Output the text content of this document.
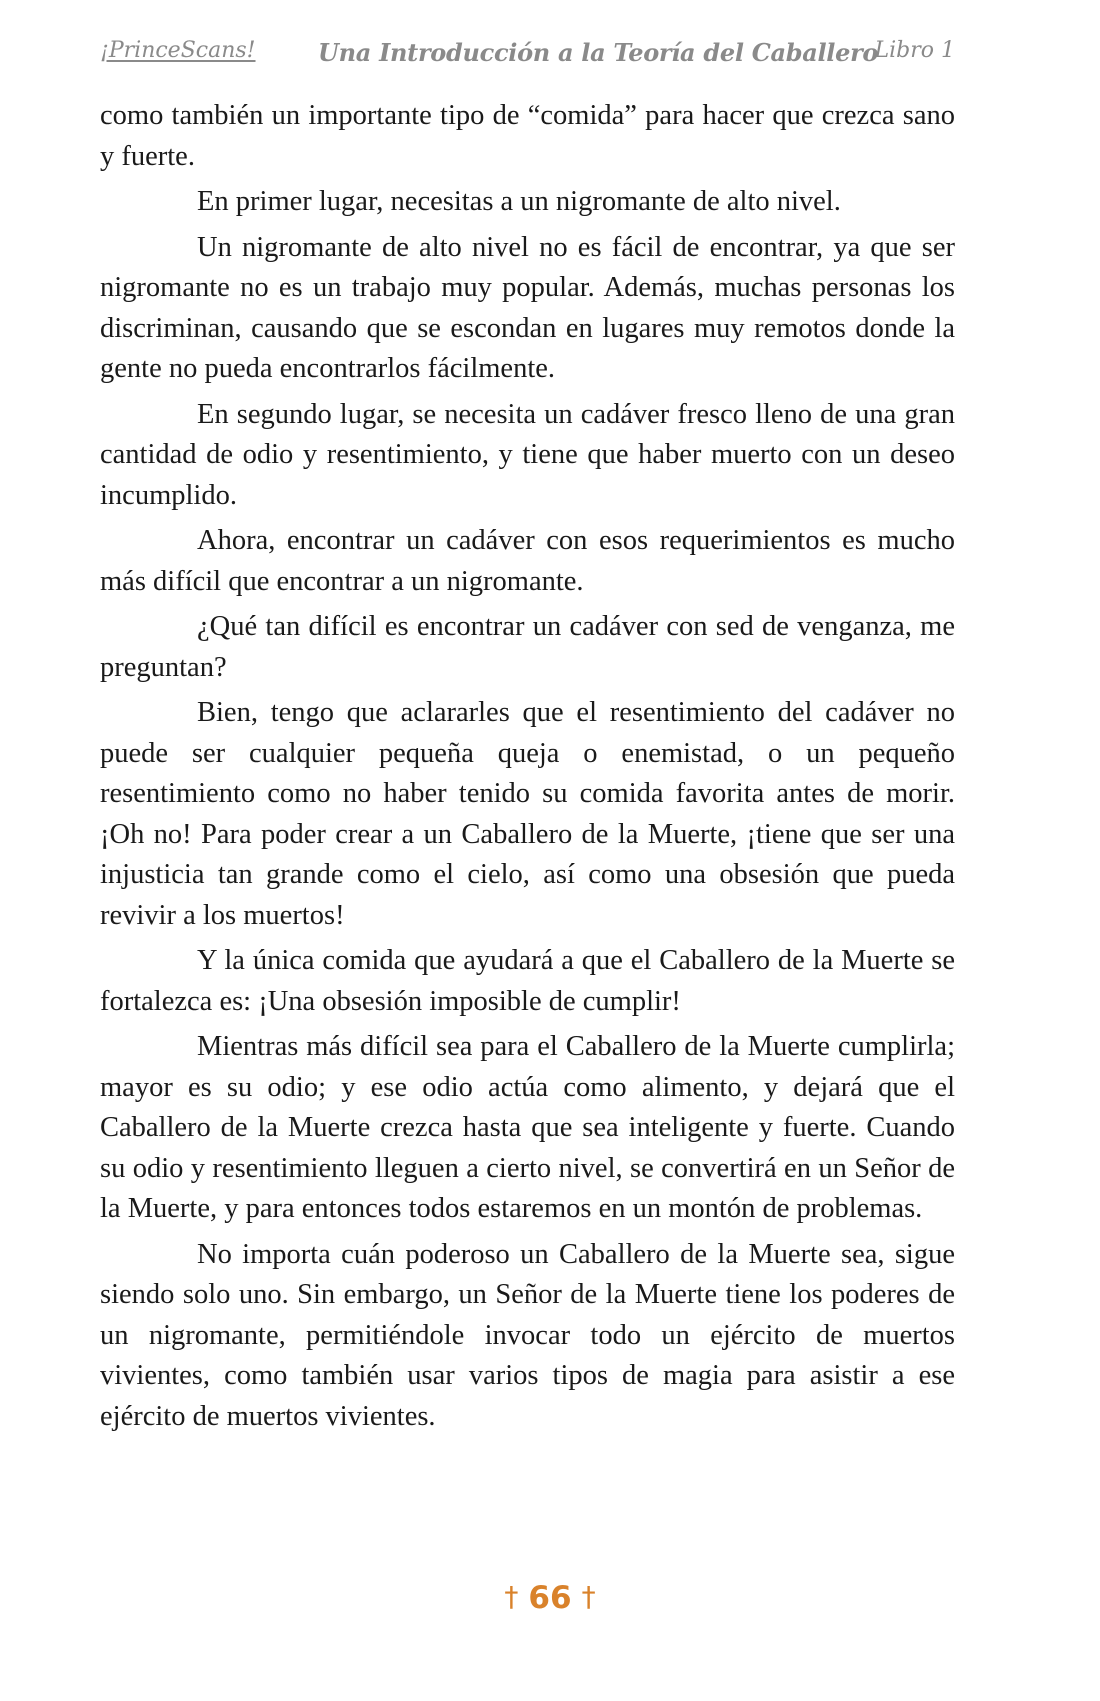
¡PrinceScans!	Una Introducción a la Teoría del Caballero
Libro 1

como también un importante tipo de “comida” para hacer que crezca sano y fuerte.

En primer lugar, necesitas a un nigromante de alto nivel.

Un nigromante de alto nivel no es fácil de encontrar, ya que ser nigromante no es un trabajo muy popular. Además, muchas personas los discriminan, causando que se escondan en lugares muy remotos donde la gente no pueda encontrarlos fácilmente.

En segundo lugar, se necesita un cadáver fresco lleno de una gran cantidad de odio y resentimiento, y tiene que haber muerto con un deseo incumplido.

Ahora, encontrar un cadáver con esos requerimientos es mucho más difícil que encontrar a un nigromante.

¿Qué tan difícil es encontrar un cadáver con sed de venganza, me preguntan?

Bien, tengo que aclararles que el resentimiento del cadáver no puede ser cualquier pequeña queja o enemistad, o un pequeño resentimiento como no haber tenido su comida favorita antes de morir. ¡Oh no! Para poder crear a un Caballero de la Muerte, ¡tiene que ser una injusticia tan grande como el cielo, así como una obsesión que pueda revivir a los muertos!

Y la única comida que ayudará a que el Caballero de la Muerte se fortalezca es: ¡Una obsesión imposible de cumplir!

Mientras más difícil sea para el Caballero de la Muerte cumplirla; mayor es su odio; y ese odio actúa como alimento, y dejará que el Caballero de la Muerte crezca hasta que sea inteligente y fuerte. Cuando su odio y resentimiento lleguen a cierto nivel, se convertirá en un Señor de la Muerte, y para entonces todos estaremos en un montón de problemas.

No importa cuán poderoso un Caballero de la Muerte sea, sigue siendo solo uno. Sin embargo, un Señor de la Muerte tiene los poderes de un nigromante, permitiéndole invocar todo un ejército de muertos vivientes, como también usar varios tipos de magia para asistir a ese ejército de muertos vivientes.

† 66 †
